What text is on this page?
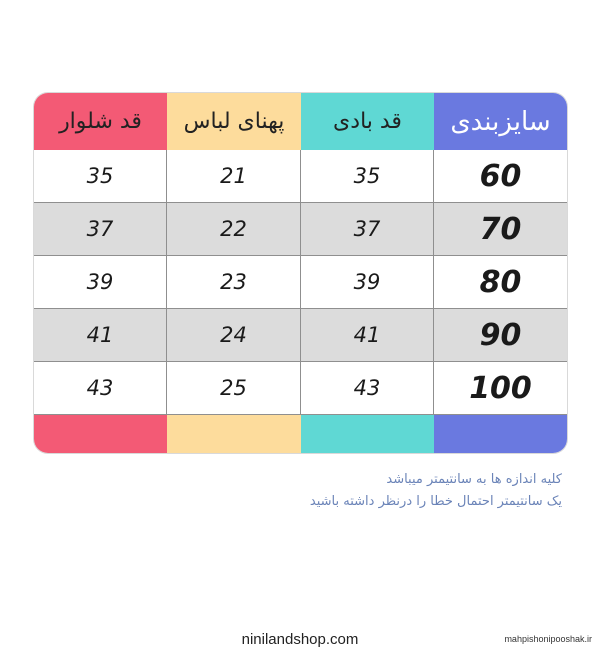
قد شلوار	پهنای لباس	قد بادی	سایزبندی
35	21	35	60
37	22	37	70
39	23	39	80
41	24	41	90
43	25	43	100
کلیه اندازه ها به سانتیمتر میباشد
یک سانتیمتر احتمال خطا را درنظر داشته باشید
ninilandshop.com	mahpishonipooshak.ir
